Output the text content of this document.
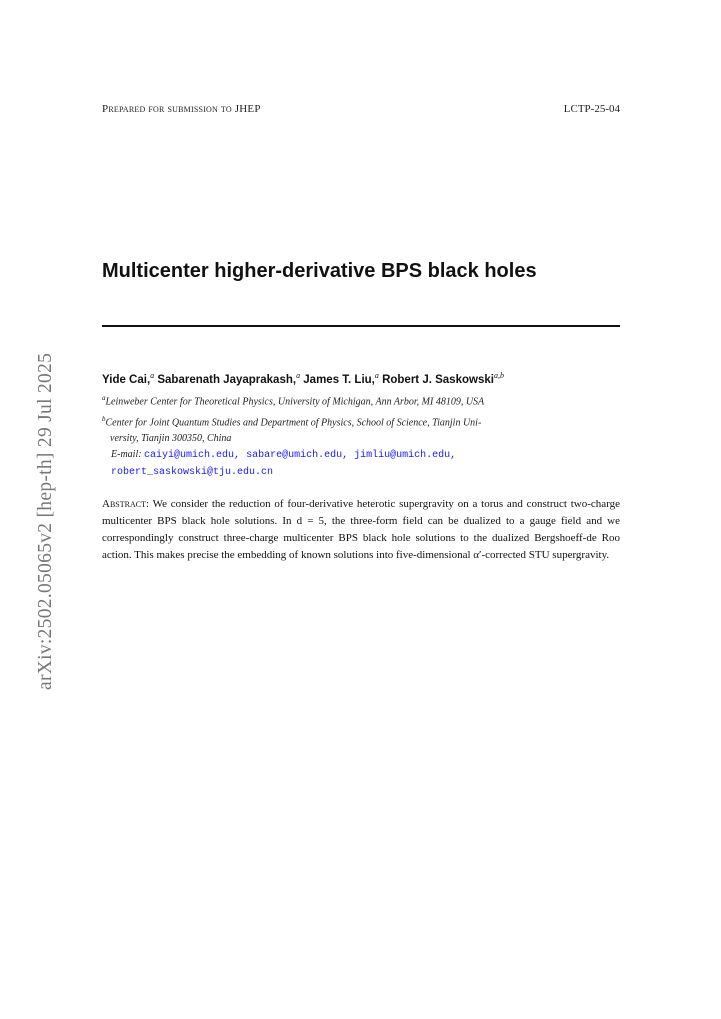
Prepared for submission to JHEP	LCTP-25-04
Multicenter higher-derivative BPS black holes
Yide Cai,$^a$ Sabarenath Jayaprakash,$^a$ James T. Liu,$^a$ Robert J. Saskowski$^{a,b}$
$^a$Leinweber Center for Theoretical Physics, University of Michigan, Ann Arbor, MI 48109, USA
$^b$Center for Joint Quantum Studies and Department of Physics, School of Science, Tianjin Uni-
versity, Tianjin 300350, China
E-mail: caiyi@umich.edu, sabare@umich.edu, jimliu@umich.edu,
robert_saskowski@tju.edu.cn
Abstract: We consider the reduction of four-derivative heterotic supergravity on a torus and construct two-charge multicenter BPS black hole solutions. In d = 5, the three-form field can be dualized to a gauge field and we correspondingly construct three-charge multicenter BPS black hole solutions to the dualized Bergshoeff-de Roo action. This makes precise the embedding of known solutions into five-dimensional α′-corrected STU supergravity.
arXiv:2502.05065v2 [hep-th] 29 Jul 2025
